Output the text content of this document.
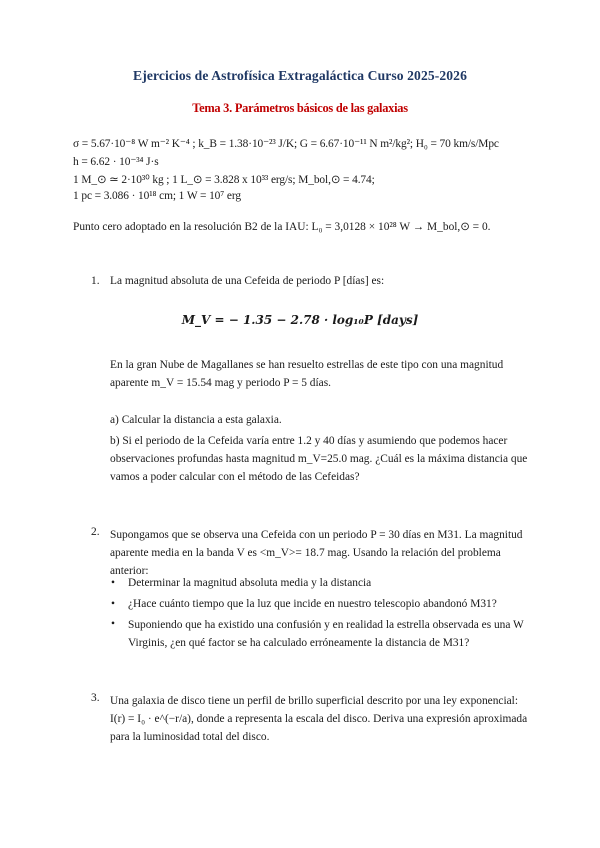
Ejercicios de Astrofísica Extragaláctica Curso 2025-2026
Tema 3. Parámetros básicos de las galaxias
σ = 5.67·10⁻⁸ W m⁻² K⁻⁴ ; k_B = 1.38·10⁻²³ J/K; G = 6.67·10⁻¹¹ N m²/kg²; H₀ = 70 km/s/Mpc
h = 6.62 · 10⁻³⁴ J·s
1 M_⊙ ≃ 2·10³⁰ kg ; 1 L_⊙ = 3.828 x 10³³ erg/s; M_bol,⊙ = 4.74;
1 pc = 3.086 · 10¹⁸ cm; 1 W = 10⁷ erg
Punto cero adoptado en la resolución B2 de la IAU: L₀ = 3,0128 × 10²⁸ W → M_bol,⊙ = 0.
1. La magnitud absoluta de una Cefeida de periodo P [días] es:
M_V = − 1.35 − 2.78 · log₁₀P [days]
En la gran Nube de Magallanes se han resuelto estrellas de este tipo con una magnitud aparente m_V = 15.54 mag y periodo P = 5 días.
a) Calcular la distancia a esta galaxia.
b) Si el periodo de la Cefeida varía entre 1.2 y 40 días y asumiendo que podemos hacer observaciones profundas hasta magnitud m_V=25.0 mag. ¿Cuál es la máxima distancia que vamos a poder calcular con el método de las Cefeidas?
2. Supongamos que se observa una Cefeida con un periodo P = 30 días en M31. La magnitud aparente media en la banda V es <m_V>= 18.7 mag. Usando la relación del problema anterior:
• Determinar la magnitud absoluta media y la distancia
• ¿Hace cuánto tiempo que la luz que incide en nuestro telescopio abandonó M31?
• Suponiendo que ha existido una confusión y en realidad la estrella observada es una W Virginis, ¿en qué factor se ha calculado erróneamente la distancia de M31?
3. Una galaxia de disco tiene un perfil de brillo superficial descrito por una ley exponencial: I(r) = I₀ · e^(−r/a), donde a representa la escala del disco. Deriva una expresión aproximada para la luminosidad total del disco.
